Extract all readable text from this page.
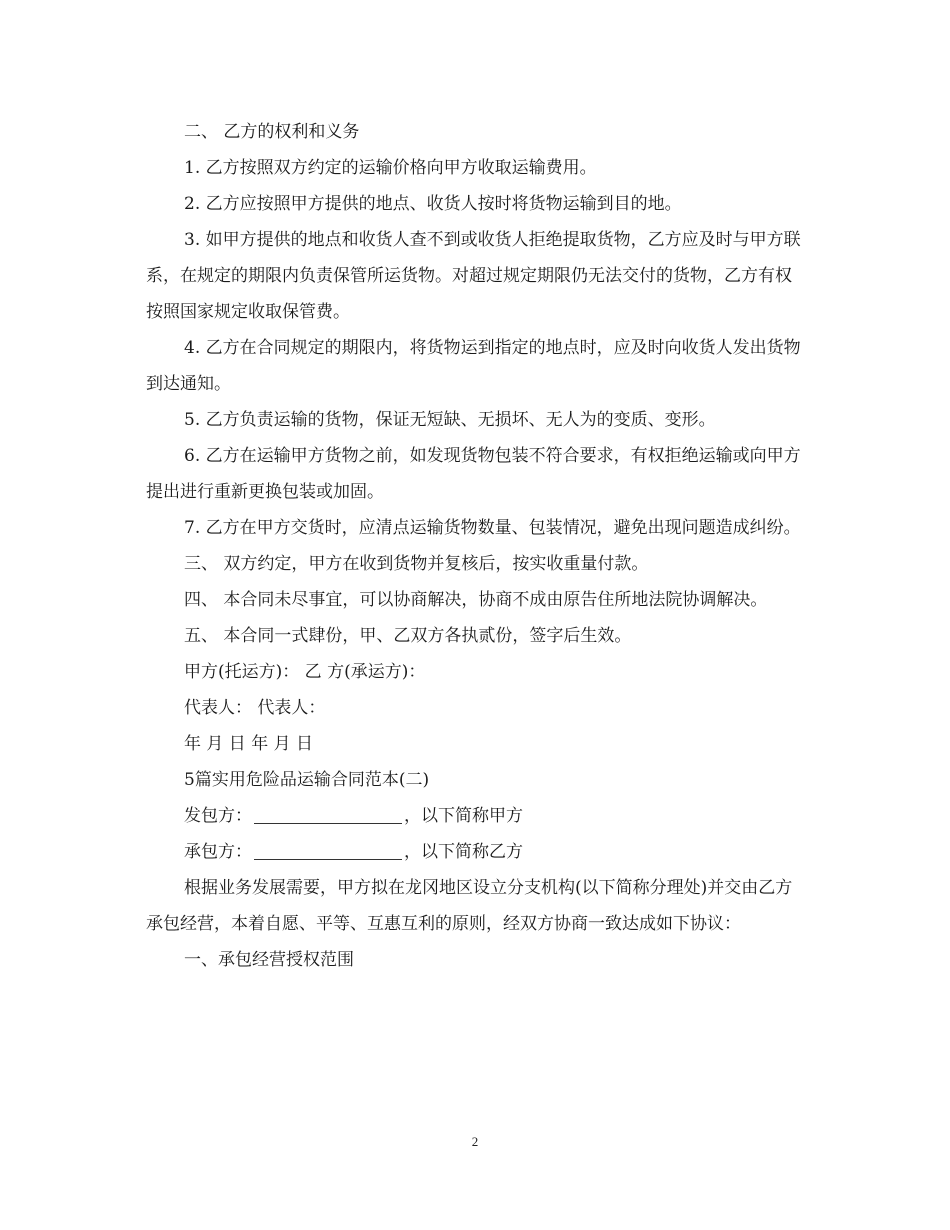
二、 乙方的权利和义务

1. 乙方按照双方约定的运输价格向甲方收取运输费用。

2. 乙方应按照甲方提供的地点、收货人按时将货物运输到目的地。

3. 如甲方提供的地点和收货人查不到或收货人拒绝提取货物，乙方应及时与甲方联系，在规定的期限内负责保管所运货物。对超过规定期限仍无法交付的货物，乙方有权按照国家规定收取保管费。

4. 乙方在合同规定的期限内，将货物运到指定的地点时，应及时向收货人发出货物到达通知。

5. 乙方负责运输的货物，保证无短缺、无损坏、无人为的变质、变形。

6. 乙方在运输甲方货物之前，如发现货物包装不符合要求，有权拒绝运输或向甲方提出进行重新更换包装或加固。

7. 乙方在甲方交货时，应清点运输货物数量、包装情况，避免出现问题造成纠纷。

三、 双方约定，甲方在收到货物并复核后，按实收重量付款。

四、 本合同未尽事宜，可以协商解决，协商不成由原告住所地法院协调解决。

五、 本合同一式肆份，甲、乙双方各执贰份，签字后生效。

甲方(托运方)： 乙 方(承运方)：

代表人： 代表人：

年 月 日 年 月 日

5篇实用危险品运输合同范本(二)

发包方：	，以下简称甲方

承包方：	，以下简称乙方

根据业务发展需要，甲方拟在龙冈地区设立分支机构(以下简称分理处)并交由乙方承包经营，本着自愿、平等、互惠互利的原则，经双方协商一致达成如下协议：

一、承包经营授权范围

2
